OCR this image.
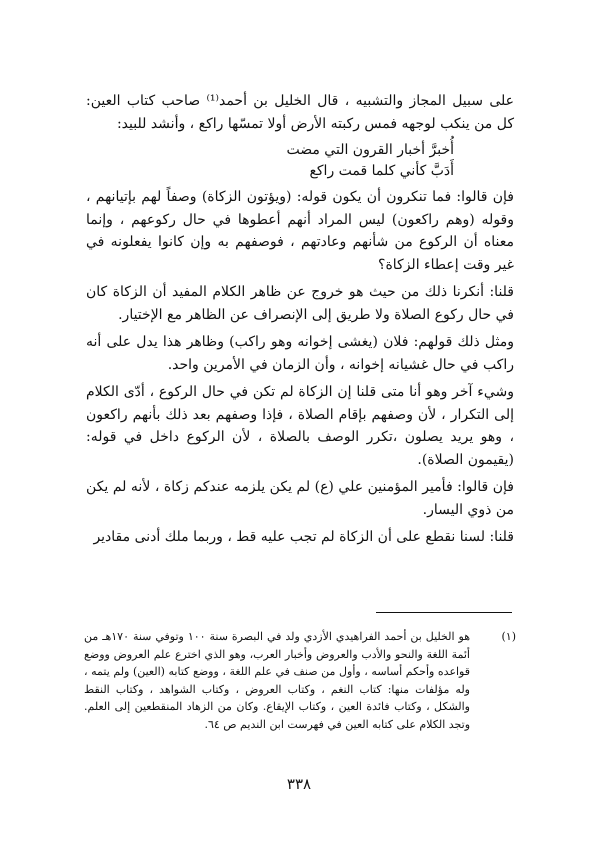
على سبيل المجاز والتشبيه ، قال الخليل بن أحمد⁽¹⁾ صاحب كتاب العين: كل من ينكب لوجهه فمس ركبته الأرض أولا تمسّها راكع ، وأنشد للبيد:

أُخبرَّ أخبار القرون التي مضت
أَدَبَّ كأني كلما قمت راكع

فإن قالوا: فما تنكرون أن يكون قوله: (ويؤتون الزكاة) وصفاً لهم بإتيانهم ، وقوله (وهم راكعون) ليس المراد أنهم أعطوها في حال ركوعهم ، وإنما معناه أن الركوع من شأنهم وعادتهم ، فوصفهم به وإن كانوا يفعلونه في غير وقت إعطاء الزكاة؟

قلنا: أنكرنا ذلك من حيث هو خروج عن ظاهر الكلام المفيد أن الزكاة كان في حال ركوع الصلاة ولا طريق إلى الإنصراف عن الظاهر مع الإختيار.

ومثل ذلك قولهم: فلان (يغشى إخوانه وهو راكب) وظاهر هذا يدل على أنه راكب في حال غشيانه إخوانه ، وأن الزمان في الأمرين واحد.

وشيء آخر وهو أنا متى قلنا إن الزكاة لم تكن في حال الركوع ، أدّى الكلام إلى التكرار ، لأن وصفهم بإقام الصلاة ، فإذا وصفهم بعد ذلك بأنهم راكعون ، وهو يريد يصلون ،تكرر الوصف بالصلاة ، لأن الركوع داخل في قوله: (يقيمون الصلاة).

فإن قالوا: فأمير المؤمنين علي (ع) لم يكن يلزمه عندكم زكاة ، لأنه لم يكن من ذوي اليسار.

قلنا: لسنا نقطع على أن الزكاة لم تجب عليه قط ، وربما ملك أدنى مقادير

(١)
هو الخليل بن أحمد الفراهيدي الأزدي ولد في البصرة سنة ١٠٠ وتوفي سنة ١٧٠هـ من أئمة اللغة والنحو والأدب والعروض وأخبار العرب، وهو الذي اخترع علم العروض ووضع قواعده وأحكم أساسه ، وأول من صنف في علم اللغة ، ووضع كتابه (العين) ولم يتمه ، وله مؤلفات منها: كتاب النغم ، وكتاب العروض ، وكتاب الشواهد ، وكتاب النقط والشكل ، وكتاب فائدة العين ، وكتاب الإيقاع. وكان من الزهاد المنقطعين إلى العلم. وتجد الكلام على كتابه العين في فهرست ابن النديم ص ٦٤.
٣٣٨
